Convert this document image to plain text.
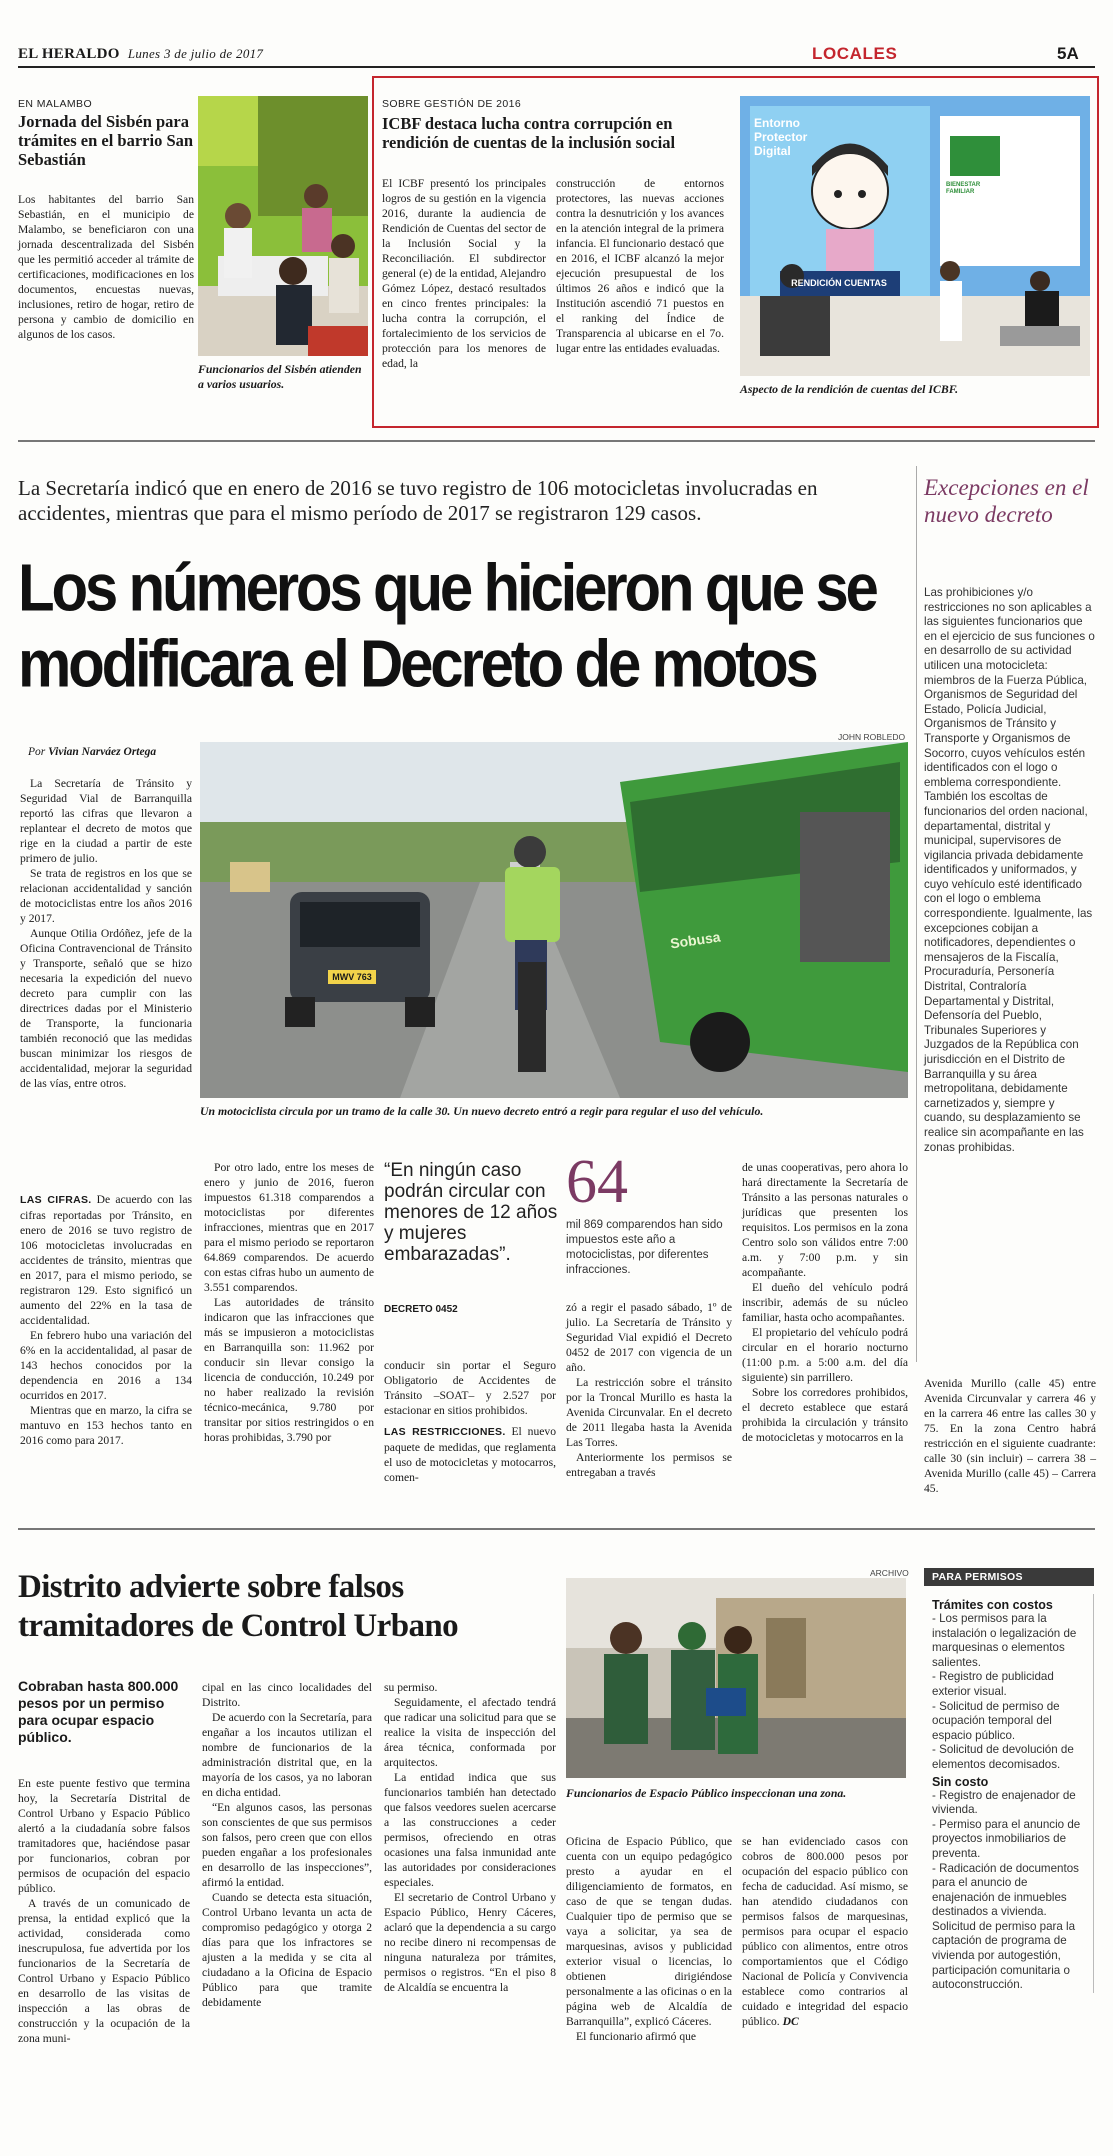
EL HERALDO Lunes 3 de julio de 2017	LOCALES	5A
EN MALAMBO
Jornada del Sisbén para trámites en el barrio San Sebastián
Los habitantes del barrio San Sebastián, en el municipio de Malambo, se beneficiaron con una jornada descentralizada del Sisbén que les permitió acceder al trámite de certificaciones, modificaciones en los documentos, encuestas nuevas, inclusiones, retiro de hogar, retiro de persona y cambio de domicilio en algunos de los casos.
Funcionarios del Sisbén atienden a varios usuarios.
SOBRE GESTIÓN DE 2016
ICBF destaca lucha contra corrupción en rendición de cuentas de la inclusión social
El ICBF presentó los principales logros de su gestión en la vigencia 2016, durante la audiencia de Rendición de Cuentas del sector de la Inclusión Social y la Reconciliación. El subdirector general (e) de la entidad, Alejandro Gómez López, destacó resultados en cinco frentes principales: la lucha contra la corrupción, el fortalecimiento de los servicios de protección para los menores de edad, la
construcción de entornos protectores, las nuevas acciones contra la desnutrición y los avances en la atención integral de la primera infancia. El funcionario destacó que en 2016, el ICBF alcanzó la mejor ejecución presupuestal de los últimos 26 años e indicó que la Institución ascendió 71 puestos en el ranking del Índice de Transparencia al ubicarse en el 7o. lugar entre las entidades evaluadas.
Entorno Protector Digital
RENDICIÓN CUENTAS
BIENESTAR FAMILIAR
Aspecto de la rendición de cuentas del ICBF.
La Secretaría indicó que en enero de 2016 se tuvo registro de 106 motocicletas involucradas en accidentes, mientras que para el mismo período de 2017 se registraron 129 casos.
Los números que hicieron que se modificara el Decreto de motos
Por Vivian Narváez Ortega
JOHN ROBLEDO
MWV 763
Sobusa
Un motociclista circula por un tramo de la calle 30. Un nuevo decreto entró a regir para regular el uso del vehículo.

La Secretaría de Tránsito y Seguridad Vial de Barranquilla reportó las cifras que llevaron a replantear el decreto de motos que rige en la ciudad a partir de este primero de julio.

Se trata de registros en los que se relacionan accidentalidad y sanción de motociclistas entre los años 2016 y 2017.

Aunque Otilia Ordóñez, jefe de la Oficina Contravencional de Tránsito y Transporte, señaló que se hizo necesaria la expedición del nuevo decreto para cumplir con las directrices dadas por el Ministerio de Transporte, la funcionaria también reconoció que las medidas buscan minimizar los riesgos de accidentalidad, mejorar la seguridad de las vías, entre otros.

LAS CIFRAS. De acuerdo con las cifras reportadas por Tránsito, en enero de 2016 se tuvo registro de 106 motocicletas involucradas en accidentes de tránsito, mientras que en 2017, para el mismo periodo, se registraron 129. Esto significó un aumento del 22% en la tasa de accidentalidad.

En febrero hubo una variación del 6% en la accidentalidad, al pasar de 143 hechos conocidos por la dependencia en 2016 a 134 ocurridos en 2017.

Mientras que en marzo, la cifra se mantuvo en 153 hechos tanto en 2016 como para 2017.

Por otro lado, entre los meses de enero y junio de 2016, fueron impuestos 61.318 comparendos a motociclistas por diferentes infracciones, mientras que en 2017 para el mismo periodo se reportaron 64.869 comparendos. De acuerdo con estas cifras hubo un aumento de 3.551 comparendos.

Las autoridades de tránsito indicaron que las infracciones que más se impusieron a motociclistas en Barranquilla son: 11.962 por conducir sin llevar consigo la licencia de conducción, 10.249 por no haber realizado la revisión técnico-mecánica, 9.780 por transitar por sitios restringidos o en horas prohibidas, 3.790 por

“En ningún caso podrán circular con menores de 12 años y mujeres embarazadas”.
DECRETO 0452

conducir sin portar el Seguro Obligatorio de Accidentes de Tránsito –SOAT– y 2.527 por estacionar en sitios prohibidos.

LAS RESTRICCIONES. El nuevo paquete de medidas, que reglamenta el uso de motocicletas y motocarros, comen-

64
mil 869 comparendos han sido impuestos este año a motociclistas, por diferentes infracciones.

zó a regir el pasado sábado, 1º de julio. La Secretaría de Tránsito y Seguridad Vial expidió el Decreto 0452 de 2017 con vigencia de un año.

La restricción sobre el tránsito por la Troncal Murillo es hasta la Avenida Circunvalar. En el decreto de 2011 llegaba hasta la Avenida Las Torres.

Anteriormente los permisos se entregaban a través

de unas cooperativas, pero ahora lo hará directamente la Secretaría de Tránsito a las personas naturales o jurídicas que presenten los requisitos. Los permisos en la zona Centro solo son válidos entre 7:00 a.m. y 7:00 p.m. y sin acompañante.

El dueño del vehículo podrá inscribir, además de su núcleo familiar, hasta ocho acompañantes.

El propietario del vehículo podrá circular en el horario nocturno (11:00 p.m. a 5:00 a.m. del día siguiente) sin parrillero.

Sobre los corredores prohibidos, el decreto establece que estará prohibida la circulación y tránsito de motocicletas y motocarros en la

Excepciones en el nuevo decreto
Las prohibiciones y/o restricciones no son aplicables a las siguientes funcionarios que en el ejercicio de sus funciones o en desarrollo de su actividad utilicen una motocicleta: miembros de la Fuerza Pública, Organismos de Seguridad del Estado, Policía Judicial, Organismos de Tránsito y Transporte y Organismos de Socorro, cuyos vehículos estén identificados con el logo o emblema correspondiente. También los escoltas de funcionarios del orden nacional, departamental, distrital y municipal, supervisores de vigilancia privada debidamente identificados y uniformados, y cuyo vehículo esté identificado con el logo o emblema correspondiente. Igualmente, las excepciones cobijan a notificadores, dependientes o mensajeros de la Fiscalía, Procuraduría, Personería Distrital, Contraloría Departamental y Distrital, Defensoría del Pueblo, Tribunales Superiores y Juzgados de la República con jurisdicción en el Distrito de Barranquilla y su área metropolitana, debidamente carnetizados y, siempre y cuando, su desplazamiento se realice sin acompañante en las zonas prohibidas.
Avenida Murillo (calle 45) entre Avenida Circunvalar y carrera 46 y en la carrera 46 entre las calles 30 y 75. En la zona Centro habrá restricción en el siguiente cuadrante: calle 30 (sin incluir) – carrera 38 –Avenida Murillo (calle 45) – Carrera 45.
Distrito advierte sobre falsos tramitadores de Control Urbano
Cobraban hasta 800.000 pesos por un permiso para ocupar espacio público.

En este puente festivo que termina hoy, la Secretaría Distrital de Control Urbano y Espacio Público alertó a la ciudadanía sobre falsos tramitadores que, haciéndose pasar por funcionarios, cobran por permisos de ocupación del espacio público.

A través de un comunicado de prensa, la entidad explicó que la actividad, considerada como inescrupulosa, fue advertida por los funcionarios de la Secretaría de Control Urbano y Espacio Público en desarrollo de las visitas de inspección a las obras de construcción y la ocupación de la zona muni-

cipal en las cinco localidades del Distrito.

De acuerdo con la Secretaría, para engañar a los incautos utilizan el nombre de funcionarios de la administración distrital que, en la mayoría de los casos, ya no laboran en dicha entidad.

“En algunos casos, las personas son conscientes de que sus permisos son falsos, pero creen que con ellos pueden engañar a los profesionales en desarrollo de las inspecciones”, afirmó la entidad.

Cuando se detecta esta situación, Control Urbano levanta un acta de compromiso pedagógico y otorga 2 días para que los infractores se ajusten a la medida y se cita al ciudadano a la Oficina de Espacio Público para que tramite debidamente

su permiso.

Seguidamente, el afectado tendrá que radicar una solicitud para que se realice la visita de inspección del área técnica, conformada por arquitectos.

La entidad indica que sus funcionarios también han detectado que falsos veedores suelen acercarse a las construcciones a ceder permisos, ofreciendo en otras ocasiones una falsa inmunidad ante las autoridades por consideraciones especiales.

El secretario de Control Urbano y Espacio Público, Henry Cáceres, aclaró que la dependencia a su cargo no recibe dinero ni recompensas de ninguna naturaleza por trámites, permisos o registros. “En el piso 8 de Alcaldía se encuentra la

ARCHIVO
Funcionarios de Espacio Público inspeccionan una zona.

Oficina de Espacio Público, que cuenta con un equipo pedagógico presto a ayudar en el diligenciamiento de formatos, en caso de que se tengan dudas. Cualquier tipo de permiso que se vaya a solicitar, ya sea de marquesinas, avisos y publicidad exterior visual o licencias, lo obtienen dirigiéndose personalmente a las oficinas o en la página web de Alcaldía de Barranquilla”, explicó Cáceres.

El funcionario afirmó que

se han evidenciado casos con cobros de 800.000 pesos por ocupación del espacio público con fecha de caducidad. Así mismo, se han atendido ciudadanos con permisos falsos de marquesinas, permisos para ocupar el espacio público con alimentos, entre otros comportamientos que el Código Nacional de Policía y Convivencia establece como contrarios al cuidado e integridad del espacio público. DC

PARA PERMISOS
Trámites con costos
- Los permisos para la instalación o legalización de marquesinas o elementos salientes.
- Registro de publicidad exterior visual.
- Solicitud de permiso de ocupación temporal del espacio público.
- Solicitud de devolución de elementos decomisados.
Sin costo
- Registro de enajenador de vivienda.
- Permiso para el anuncio de proyectos inmobiliarios de preventa.
- Radicación de documentos para el anuncio de enajenación de inmuebles destinados a vivienda.
Solicitud de permiso para la captación de programa de vivienda por autogestión, participación comunitaria o autoconstrucción.
